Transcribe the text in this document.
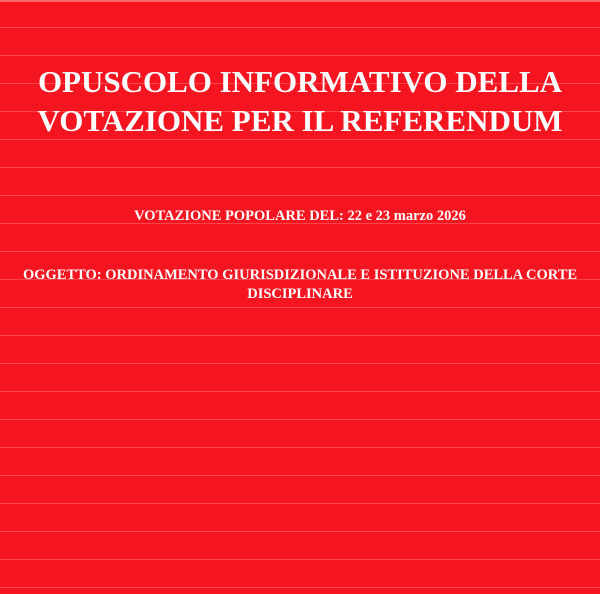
OPUSCOLO INFORMATIVO DELLA
VOTAZIONE PER IL REFERENDUM

VOTAZIONE POPOLARE DEL: 22 e 23 marzo 2026

OGGETTO: ORDINAMENTO GIURISDIZIONALE E ISTITUZIONE DELLA CORTE
DISCIPLINARE
